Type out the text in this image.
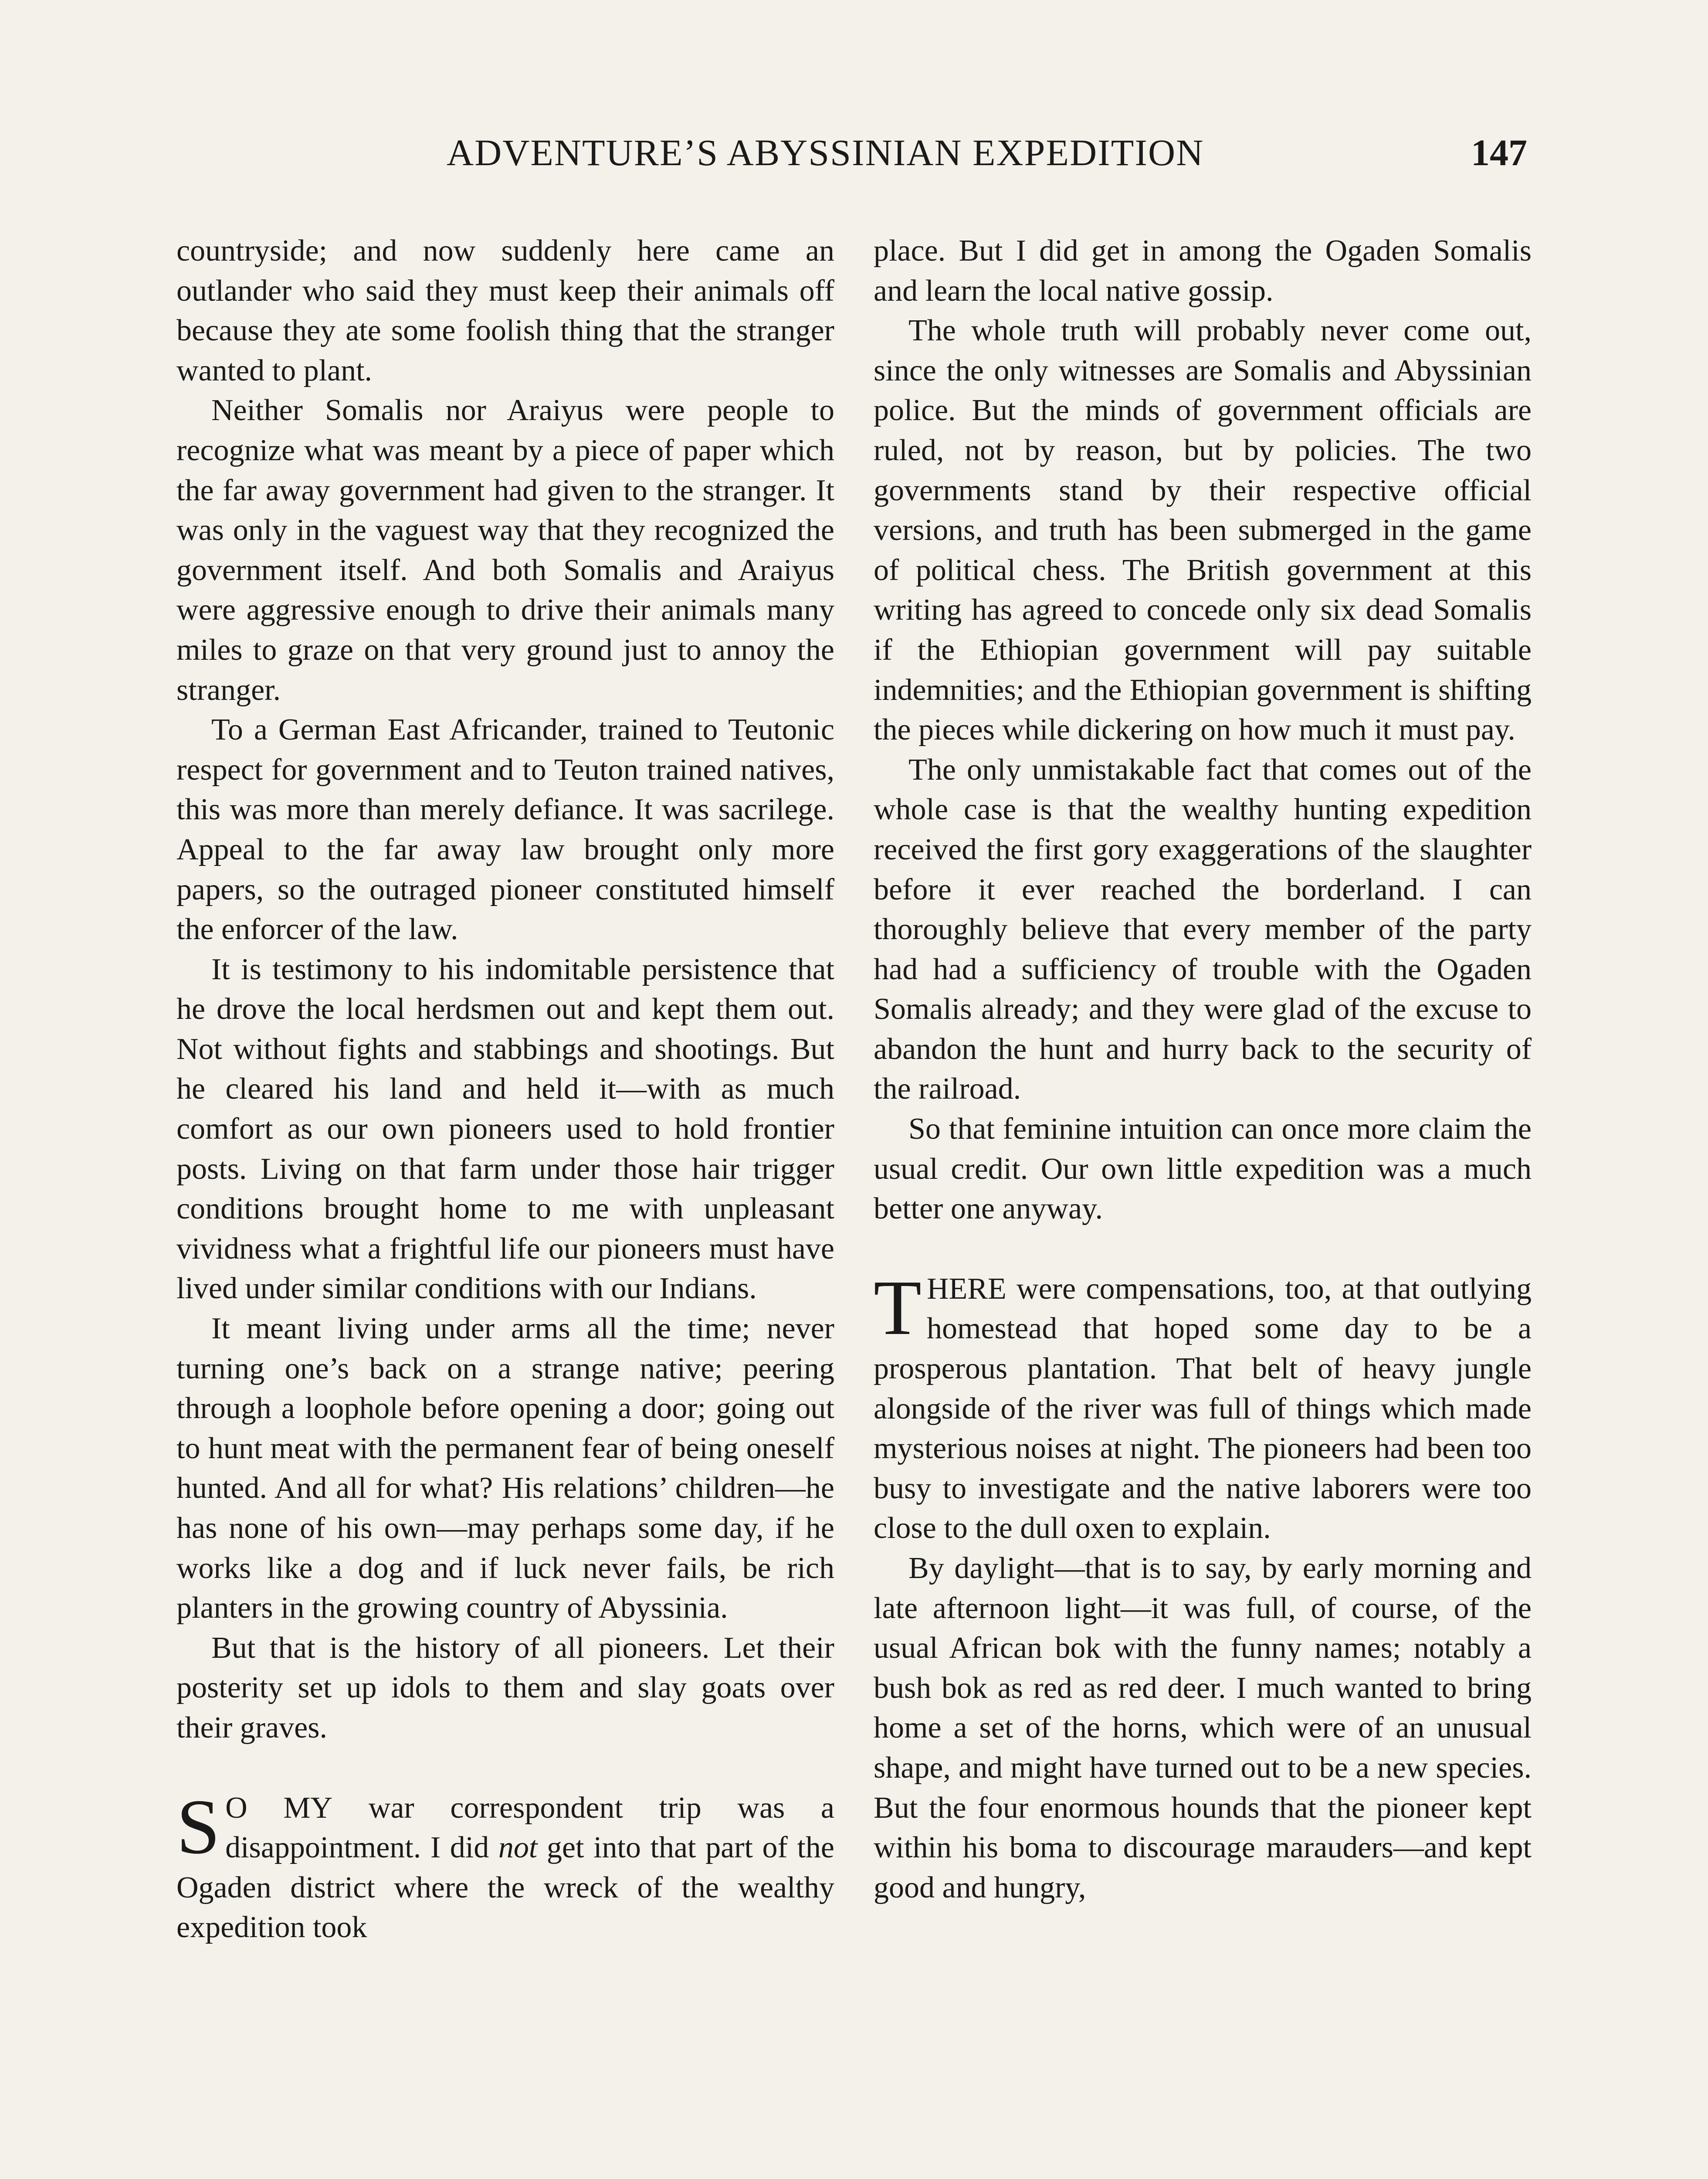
ADVENTURE’S ABYSSINIAN EXPEDITION	147

countryside; and now suddenly here came an outlander who said they must keep their animals off because they ate some foolish thing that the stranger wanted to plant.

Neither Somalis nor Araiyus were people to recognize what was meant by a piece of paper which the far away government had given to the stranger. It was only in the vaguest way that they recognized the government itself. And both Somalis and Araiyus were aggressive enough to drive their animals many miles to graze on that very ground just to annoy the stranger.

To a German East Africander, trained to Teutonic respect for government and to Teuton trained natives, this was more than merely defiance. It was sacrilege. Appeal to the far away law brought only more papers, so the outraged pioneer constituted himself the enforcer of the law.

It is testimony to his indomitable persistence that he drove the local herdsmen out and kept them out. Not without fights and stabbings and shootings. But he cleared his land and held it—with as much comfort as our own pioneers used to hold frontier posts. Living on that farm under those hair trigger conditions brought home to me with unpleasant vividness what a frightful life our pioneers must have lived under similar conditions with our Indians.

It meant living under arms all the time; never turning one’s back on a strange native; peering through a loophole before opening a door; going out to hunt meat with the permanent fear of being oneself hunted. And all for what? His relations’ children—he has none of his own—may perhaps some day, if he works like a dog and if luck never fails, be rich planters in the growing country of Abyssinia.

But that is the history of all pioneers. Let their posterity set up idols to them and slay goats over their graves.

S O MY war correspondent trip was a disappointment. I did not get into that part of the Ogaden district where the wreck of the wealthy expedition took

place. But I did get in among the Ogaden Somalis and learn the local native gossip.

The whole truth will probably never come out, since the only witnesses are Somalis and Abyssinian police. But the minds of government officials are ruled, not by reason, but by policies. The two governments stand by their respective official versions, and truth has been submerged in the game of political chess. The British government at this writing has agreed to concede only six dead Somalis if the Ethiopian government will pay suitable indemnities; and the Ethiopian government is shifting the pieces while dickering on how much it must pay.

The only unmistakable fact that comes out of the whole case is that the wealthy hunting expedition received the first gory exaggerations of the slaughter before it ever reached the borderland. I can thoroughly believe that every member of the party had had a sufficiency of trouble with the Ogaden Somalis already; and they were glad of the excuse to abandon the hunt and hurry back to the security of the railroad.

So that feminine intuition can once more claim the usual credit. Our own little expedition was a much better one anyway.

THERE were compensations, too, at that outlying homestead that hoped some day to be a prosperous plantation. That belt of heavy jungle alongside of the river was full of things which made mysterious noises at night. The pioneers had been too busy to investigate and the native laborers were too close to the dull oxen to explain.

By daylight—that is to say, by early morning and late afternoon light—it was full, of course, of the usual African bok with the funny names; notably a bush bok as red as red deer. I much wanted to bring home a set of the horns, which were of an unusual shape, and might have turned out to be a new species. But the four enormous hounds that the pioneer kept within his boma to discourage marauders—and kept good and hungry,
